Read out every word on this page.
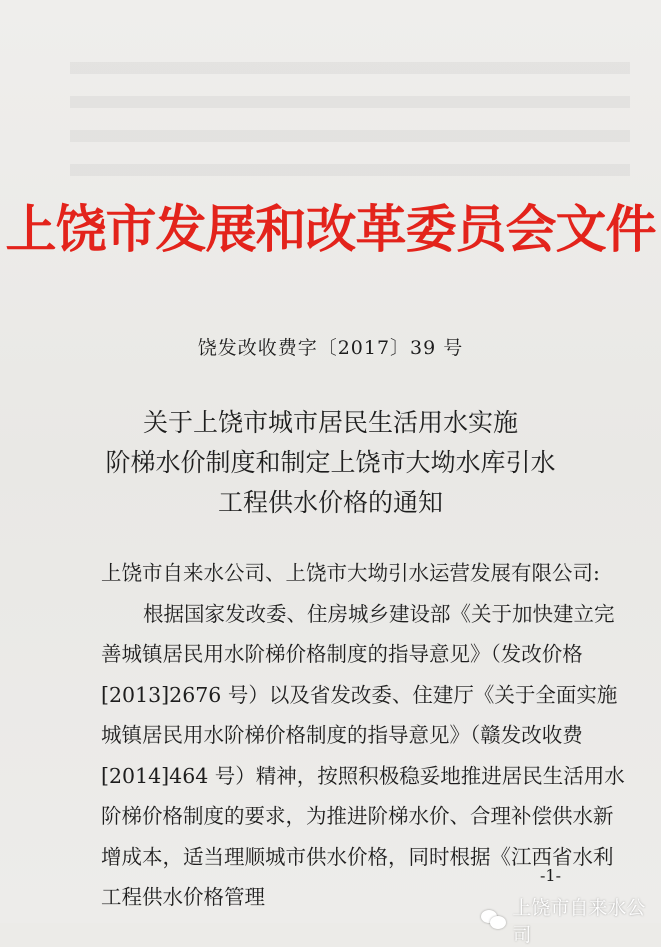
上饶市发展和改革委员会文件
饶发改收费字〔2017〕39 号
关于上饶市城市居民生活用水实施
阶梯水价制度和制定上饶市大坳水库引水
工程供水价格的通知

上饶市自来水公司、上饶市大坳引水运营发展有限公司:

根据国家发改委、住房城乡建设部《关于加快建立完善城镇居民用水阶梯价格制度的指导意见》（发改价格[2013]2676 号）以及省发改委、住建厅《关于全面实施城镇居民用水阶梯价格制度的指导意见》（赣发改收费[2014]464 号）精神，按照积极稳妥地推进居民生活用水阶梯价格制度的要求，为推进阶梯水价、合理补偿供水新增成本，适当理顺城市供水价格，同时根据《江西省水利工程供水价格管理

-1-
上饶市自来水公司
